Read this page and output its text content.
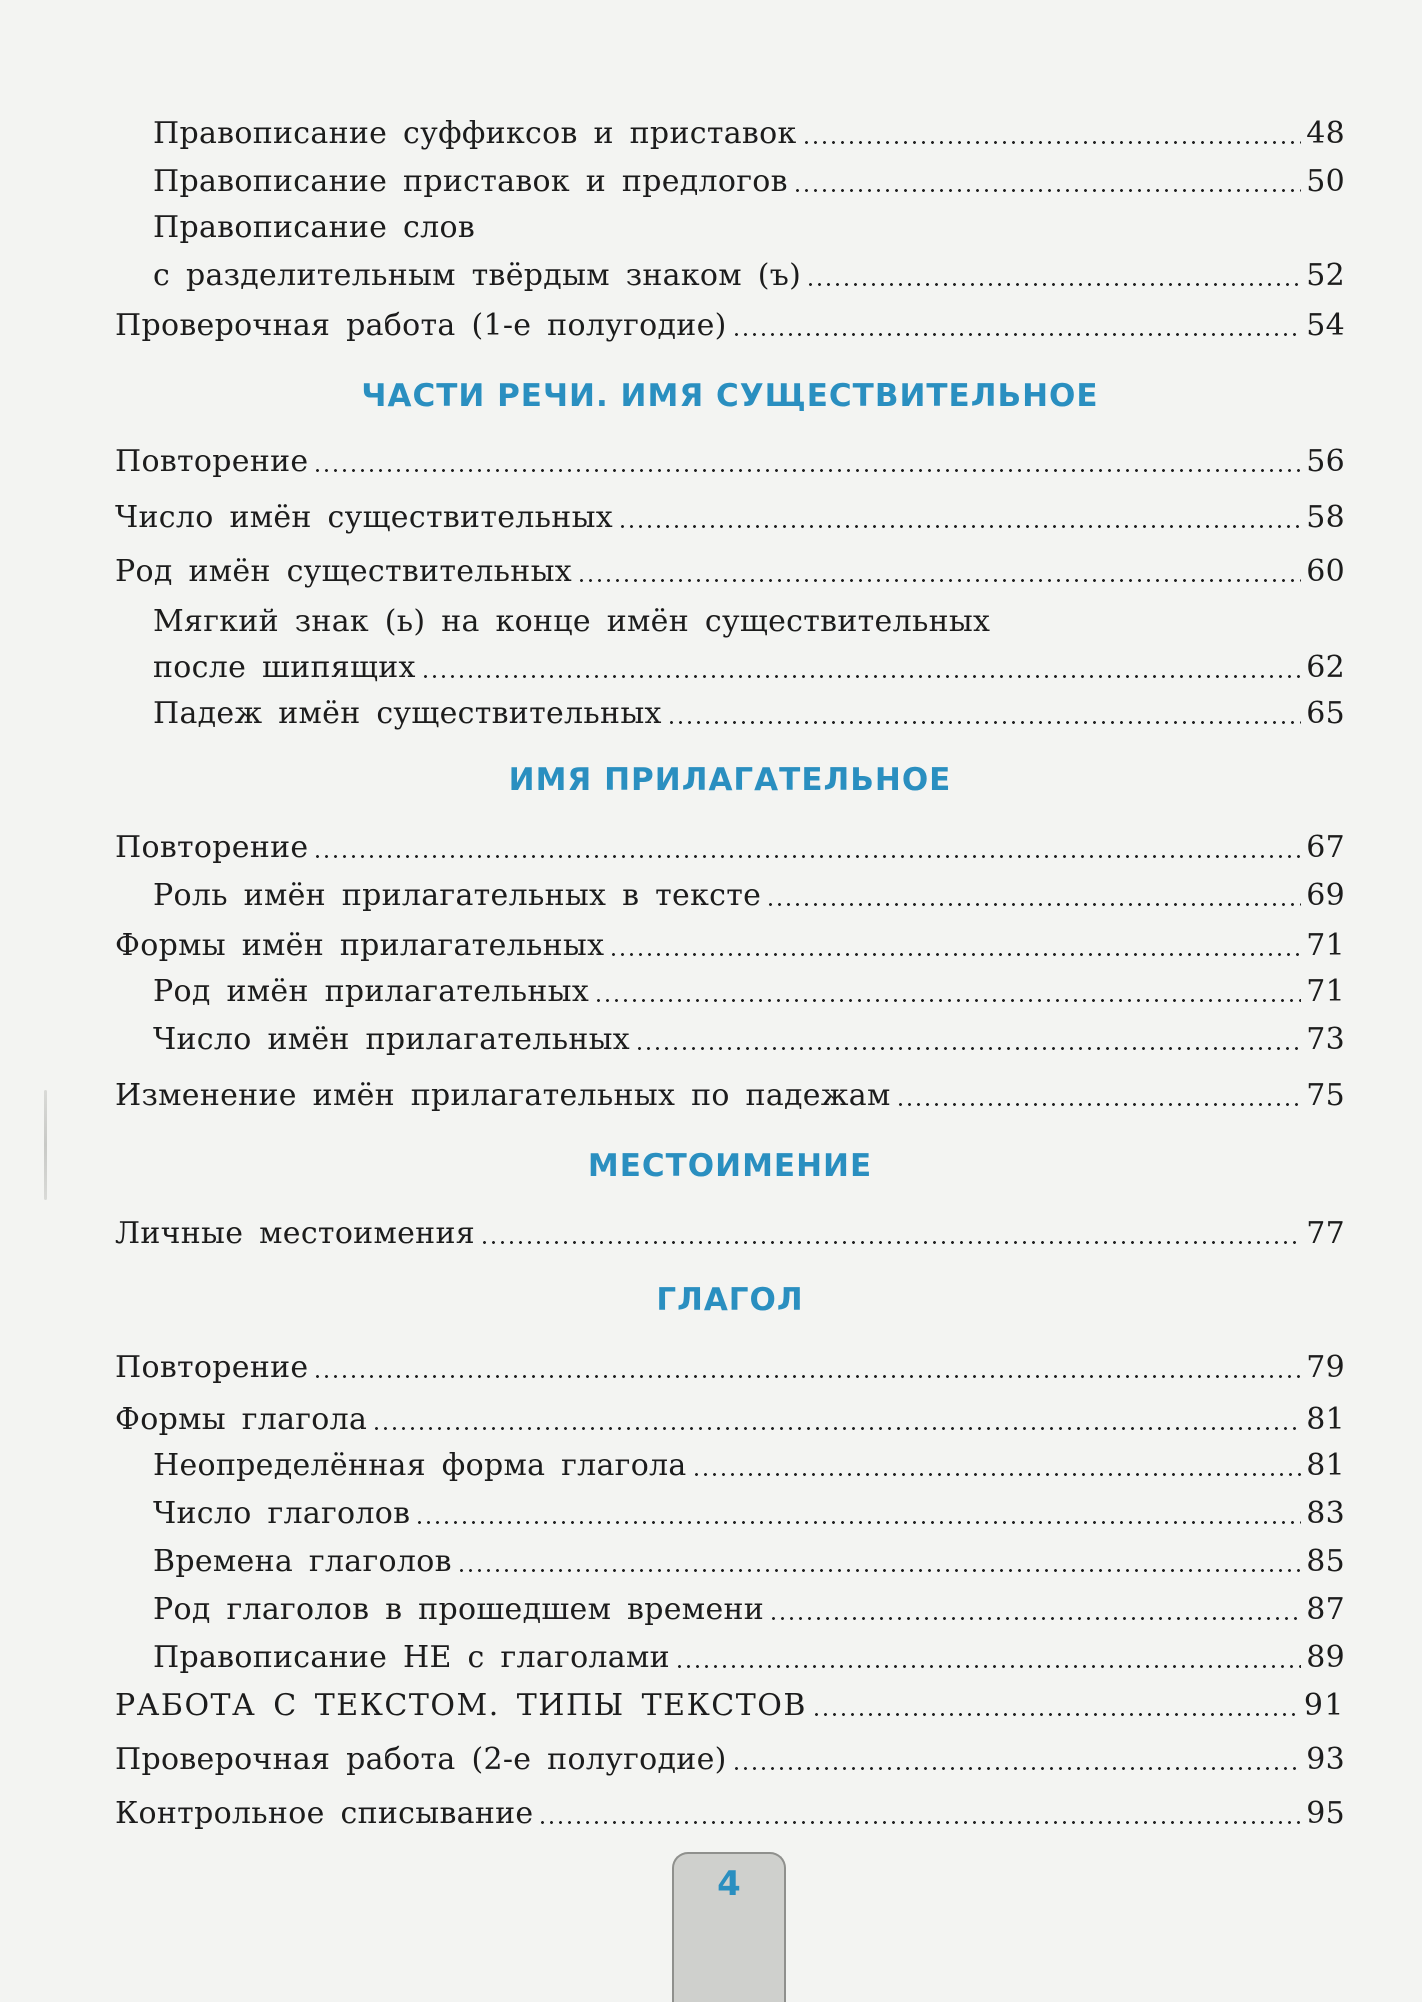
Правописание суффиксов и приставок	48
Правописание приставок и предлогов	50
Правописание слов
с разделительным твёрдым знаком (ъ)	52
Проверочная работа (1-е полугодие)	54
ЧАСТИ РЕЧИ. ИМЯ СУЩЕСТВИТЕЛЬНОЕ
Повторение	56
Число имён существительных	58
Род имён существительных	60
Мягкий знак (ь) на конце имён существительных
после шипящих	62
Падеж имён существительных	65
ИМЯ ПРИЛАГАТЕЛЬНОЕ
Повторение	67
Роль имён прилагательных в тексте	69
Формы имён прилагательных	71
Род имён прилагательных	71
Число имён прилагательных	73
Изменение имён прилагательных по падежам	75
МЕСТОИМЕНИЕ
Личные местоимения	77
ГЛАГОЛ
Повторение	79
Формы глагола	81
Неопределённая форма глагола	81
Число глаголов	83
Времена глаголов	85
Род глаголов в прошедшем времени	87
Правописание НЕ с глаголами	89
РАБОТА С ТЕКСТОМ. ТИПЫ ТЕКСТОВ	91
Проверочная работа (2-е полугодие)	93
Контрольное списывание	95
4
